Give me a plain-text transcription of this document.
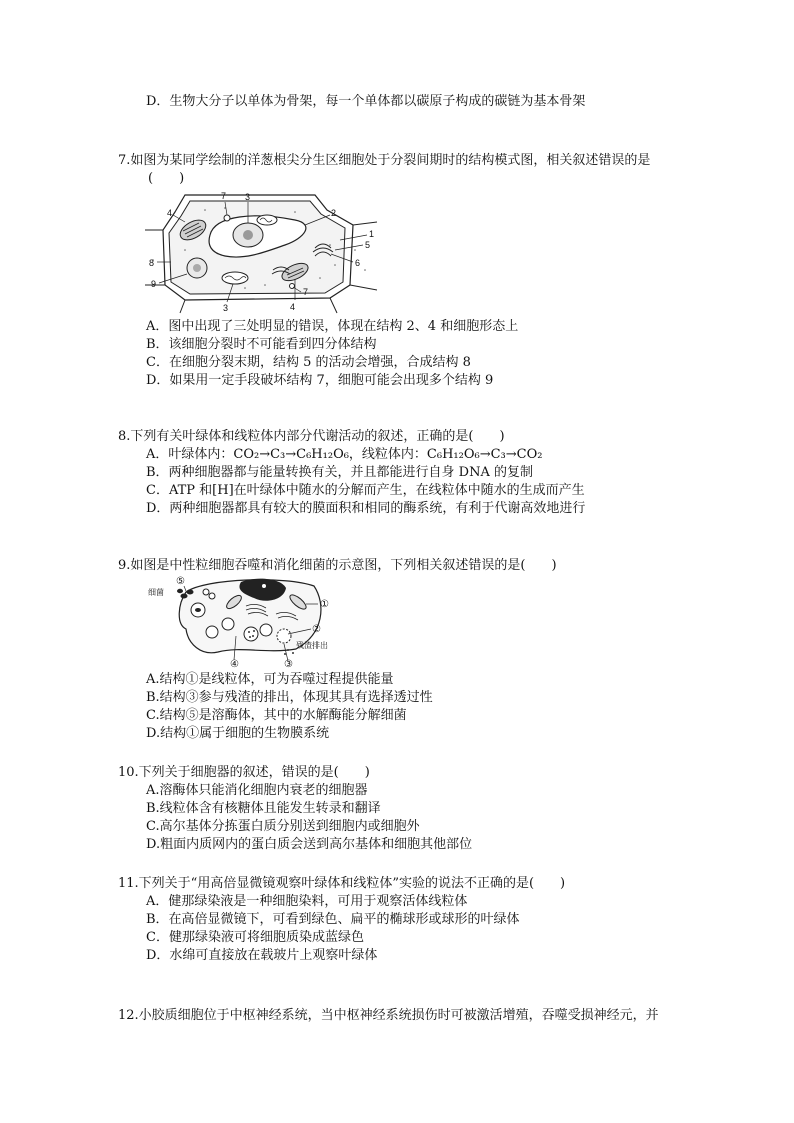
D．生物大分子以单体为骨架，每一个单体都以碳原子构成的碳链为基本骨架
7.如图为某同学绘制的洋葱根尖分生区细胞处于分裂间期时的结构模式图，相关叙述错误的是
(　　)
4
7 3
2
1
5
6
8
9
3	4
7
A．图中出现了三处明显的错误，体现在结构 2、4 和细胞形态上
B．该细胞分裂时不可能看到四分体结构
C．在细胞分裂末期，结构 5 的活动会增强，合成结构 8
D．如果用一定手段破坏结构 7，细胞可能会出现多个结构 9
8.下列有关叶绿体和线粒体内部分代谢活动的叙述，正确的是(　　)
A．叶绿体内：CO₂→C₃→C₆H₁₂O₆，线粒体内：C₆H₁₂O₆→C₃→CO₂
B．两种细胞器都与能量转换有关，并且都能进行自身 DNA 的复制
C．ATP 和[H]在叶绿体中随水的分解而产生，在线粒体中随水的生成而产生
D．两种细胞器都具有较大的膜面积和相同的酶系统，有利于代谢高效地进行
9.如图是中性粒细胞吞噬和消化细菌的示意图，下列相关叙述错误的是(　　)
⑤
细菌
①
②
残渣排出
④	③
A.结构①是线粒体，可为吞噬过程提供能量
B.结构③参与残渣的排出，体现其具有选择透过性
C.结构⑤是溶酶体，其中的水解酶能分解细菌
D.结构①属于细胞的生物膜系统
10.下列关于细胞器的叙述，错误的是(　　)
A.溶酶体只能消化细胞内衰老的细胞器
B.线粒体含有核糖体且能发生转录和翻译
C.高尔基体分拣蛋白质分别送到细胞内或细胞外
D.粗面内质网内的蛋白质会送到高尔基体和细胞其他部位
11.下列关于“用高倍显微镜观察叶绿体和线粒体”实验的说法不正确的是(　　)
A．健那绿染液是一种细胞染料，可用于观察活体线粒体
B．在高倍显微镜下，可看到绿色、扁平的椭球形或球形的叶绿体
C．健那绿染液可将细胞质染成蓝绿色
D．水绵可直接放在载玻片上观察叶绿体
12.小胶质细胞位于中枢神经系统，当中枢神经系统损伤时可被激活增殖，吞噬受损神经元，并
